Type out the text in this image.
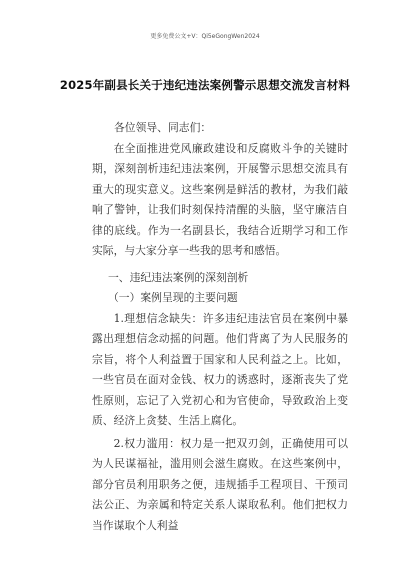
更多免费公文+V：Qi5eGongWen2024
2025年副县长关于违纪违法案例警示思想交流发言材料

各位领导、同志们：

在全面推进党风廉政建设和反腐败斗争的关键时期，深刻剖析违纪违法案例，开展警示思想交流具有重大的现实意义。这些案例是鲜活的教材，为我们敲响了警钟，让我们时刻保持清醒的头脑，坚守廉洁自律的底线。作为一名副县长，我结合近期学习和工作实际，与大家分享一些我的思考和感悟。

一、违纪违法案例的深刻剖析

（一）案例呈现的主要问题

1.理想信念缺失：许多违纪违法官员在案例中暴露出理想信念动摇的问题。他们背离了为人民服务的宗旨，将个人利益置于国家和人民利益之上。比如，一些官员在面对金钱、权力的诱惑时，逐渐丧失了党性原则，忘记了入党初心和为官使命，导致政治上变质、经济上贪婪、生活上腐化。

2.权力滥用：权力是一把双刃剑，正确使用可以为人民谋福祉，滥用则会滋生腐败。在这些案例中，部分官员利用职务之便，违规插手工程项目、干预司法公正、为亲属和特定关系人谋取私利。他们把权力当作谋取个人利益
